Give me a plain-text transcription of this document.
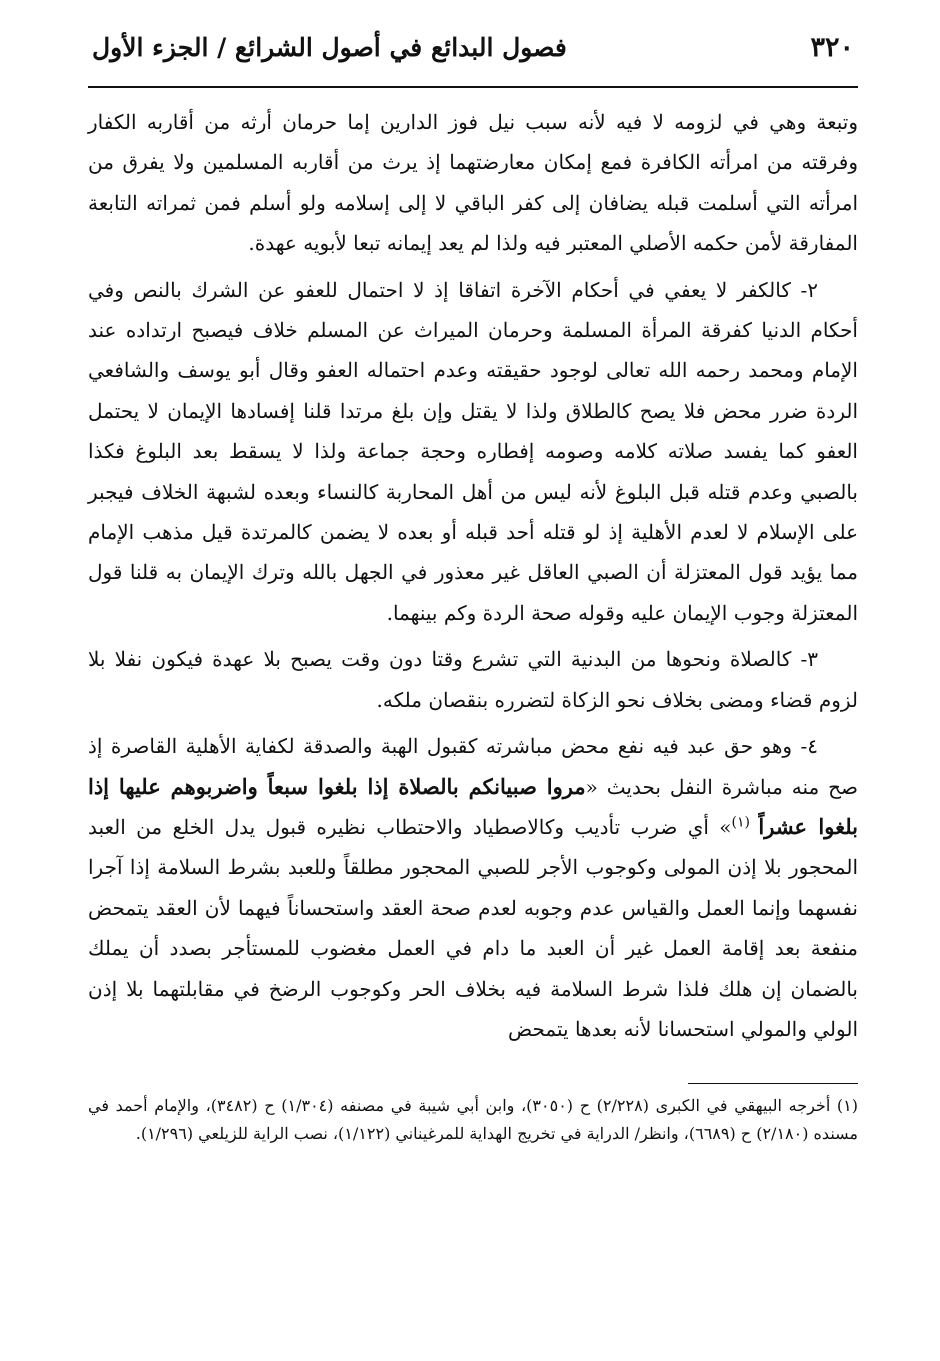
٣٢٠
فصول البدائع في أصول الشرائع / الجزء الأول

وتبعة وهي في لزومه لا فيه لأنه سبب نيل فوز الدارين إما حرمان أرثه من أقاربه الكفار وفرقته من امرأته الكافرة فمع إمكان معارضتهما إذ يرث من أقاربه المسلمين ولا يفرق من امرأته التي أسلمت قبله يضافان إلى كفر الباقي لا إلى إسلامه ولو أسلم فمن ثمراته التابعة المفارقة لأمن حكمه الأصلي المعتبر فيه ولذا لم يعد إيمانه تبعا لأبويه عهدة.

٢- كالكفر لا يعفي في أحكام الآخرة اتفاقا إذ لا احتمال للعفو عن الشرك بالنص وفي أحكام الدنيا كفرقة المرأة المسلمة وحرمان الميراث عن المسلم خلاف فيصبح ارتداده عند الإمام ومحمد رحمه الله تعالى لوجود حقيقته وعدم احتماله العفو وقال أبو يوسف والشافعي الردة ضرر محض فلا يصح كالطلاق ولذا لا يقتل وإن بلغ مرتدا قلنا إفسادها الإيمان لا يحتمل العفو كما يفسد صلاته كلامه وصومه إفطاره وحجة جماعة ولذا لا يسقط بعد البلوغ فكذا بالصبي وعدم قتله قبل البلوغ لأنه ليس من أهل المحاربة كالنساء وبعده لشبهة الخلاف فيجبر على الإسلام لا لعدم الأهلية إذ لو قتله أحد قبله أو بعده لا يضمن كالمرتدة قيل مذهب الإمام مما يؤيد قول المعتزلة أن الصبي العاقل غير معذور في الجهل بالله وترك الإيمان به قلنا قول المعتزلة وجوب الإيمان عليه وقوله صحة الردة وكم بينهما.

٣- كالصلاة ونحوها من البدنية التي تشرع وقتا دون وقت يصبح بلا عهدة فيكون نفلا بلا لزوم قضاء ومضى بخلاف نحو الزكاة لتضرره بنقصان ملكه.

٤- وهو حق عبد فيه نفع محض مباشرته كقبول الهبة والصدقة لكفاية الأهلية القاصرة إذ صح منه مباشرة النفل بحديث «مروا صبيانكم بالصلاة إذا بلغوا سبعاً واضربوهم عليها إذا بلغوا عشراً $^{(١)}$» أي ضرب تأديب وكالاصطياد والاحتطاب نظيره قبول يدل الخلع من العبد المحجور بلا إذن المولى وكوجوب الأجر للصبي المحجور مطلقاً وللعبد بشرط السلامة إذا آجرا نفسهما وإنما العمل والقياس عدم وجوبه لعدم صحة العقد واستحساناً فيهما لأن العقد يتمحض منفعة بعد إقامة العمل غير أن العبد ما دام في العمل مغضوب للمستأجر بصدد أن يملك بالضمان إن هلك فلذا شرط السلامة فيه بخلاف الحر وكوجوب الرضخ في مقابلتهما بلا إذن الولي والمولي استحسانا لأنه بعدها يتمحض

(١) أخرجه البيهقي في الكبرى (٢/٢٢٨) ح (٣٠٥٠)، وابن أبي شيبة في مصنفه (١/٣٠٤) ح (٣٤٨٢)، والإمام أحمد في مسنده (٢/١٨٠) ح (٦٦٨٩)، وانظر/ الدراية في تخريج الهداية للمرغيناني (١/١٢٢)، نصب الراية للزيلعي (١/٢٩٦).
